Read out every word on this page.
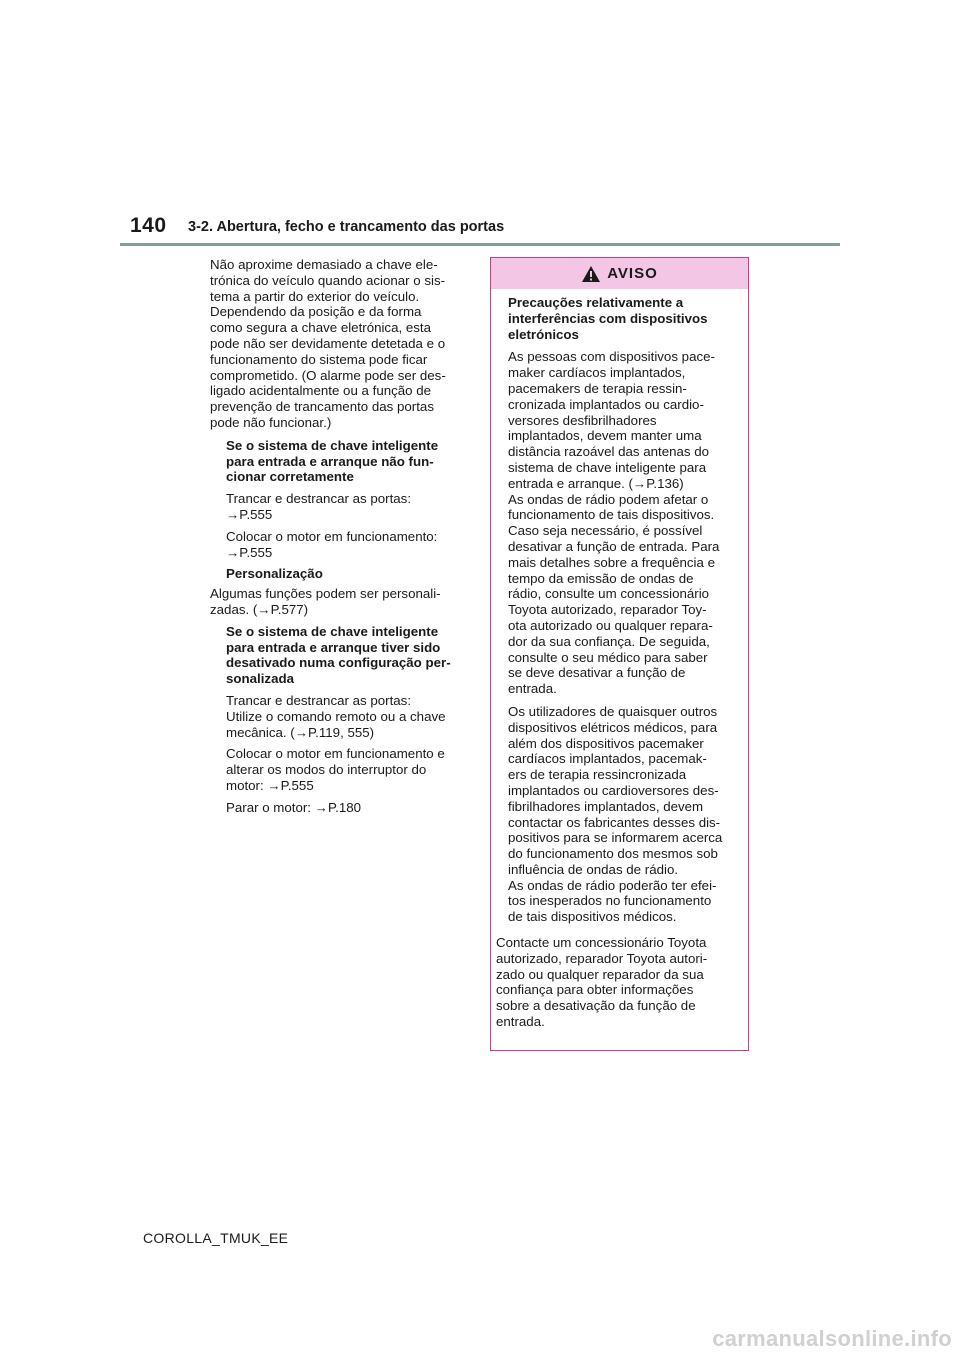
140 3-2. Abertura, fecho e trancamento das portas

Não aproxime demasiado a chave ele-
trónica do veículo quando acionar o sis-
tema a partir do exterior do veículo.
Dependendo da posição e da forma
como segura a chave eletrónica, esta
pode não ser devidamente detetada e o
funcionamento do sistema pode ficar
comprometido. (O alarme pode ser des-
ligado acidentalmente ou a função de
prevenção de trancamento das portas
pode não funcionar.)

Se o sistema de chave inteligente
para entrada e arranque não fun-
cionar corretamente

Trancar e destrancar as portas:
→P.555

Colocar o motor em funcionamento:
→P.555

Personalização

Algumas funções podem ser personali-
zadas. (→P.577)

Se o sistema de chave inteligente
para entrada e arranque tiver sido
desativado numa configuração per-
sonalizada

Trancar e destrancar as portas:
Utilize o comando remoto ou a chave
mecânica. (→P.119, 555)

Colocar o motor em funcionamento e
alterar os modos do interruptor do
motor: →P.555

Parar o motor: →P.180

AVISO

Precauções relativamente a
interferências com dispositivos
eletrónicos

As pessoas com dispositivos pace-
maker cardíacos implantados,
pacemakers de terapia ressin-
cronizada implantados ou cardio-
versores desfibrilhadores
implantados, devem manter uma
distância razoável das antenas do
sistema de chave inteligente para
entrada e arranque. (→P.136)
As ondas de rádio podem afetar o
funcionamento de tais dispositivos.
Caso seja necessário, é possível
desativar a função de entrada. Para
mais detalhes sobre a frequência e
tempo da emissão de ondas de
rádio, consulte um concessionário
Toyota autorizado, reparador Toy-
ota autorizado ou qualquer repara-
dor da sua confiança. De seguida,
consulte o seu médico para saber
se deve desativar a função de
entrada.

Os utilizadores de quaisquer outros
dispositivos elétricos médicos, para
além dos dispositivos pacemaker
cardíacos implantados, pacemak-
ers de terapia ressincronizada
implantados ou cardioversores des-
fibrilhadores implantados, devem
contactar os fabricantes desses dis-
positivos para se informarem acerca
do funcionamento dos mesmos sob
influência de ondas de rádio.
As ondas de rádio poderão ter efei-
tos inesperados no funcionamento
de tais dispositivos médicos.

Contacte um concessionário Toyota
autorizado, reparador Toyota autori-
zado ou qualquer reparador da sua
confiança para obter informações
sobre a desativação da função de
entrada.

COROLLA_TMUK_EE
carmanualsonline.info
